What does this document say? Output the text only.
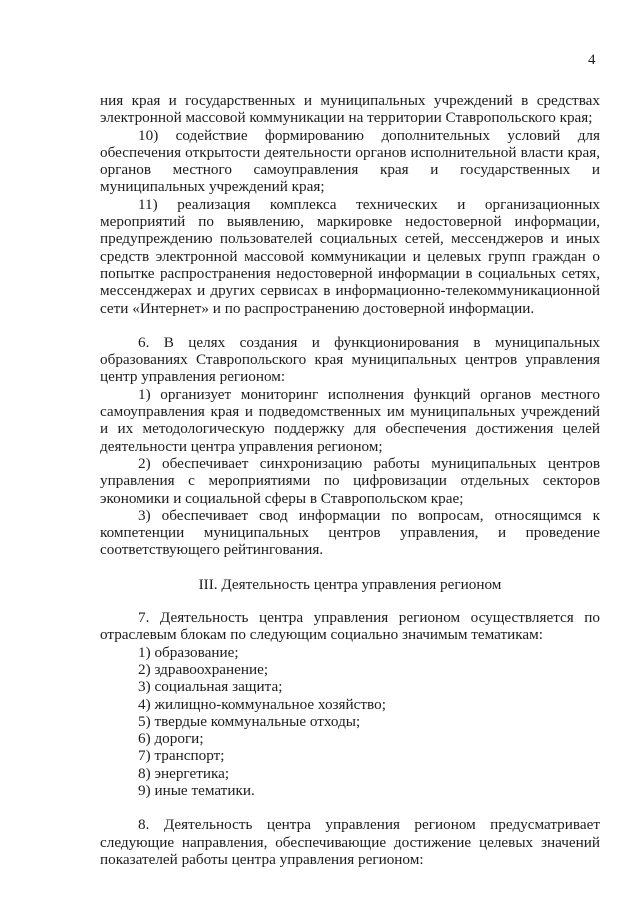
4

ния края и государственных и муниципальных учреждений в средствах электронной массовой коммуникации на территории Ставропольского края;

10) содействие формированию дополнительных условий для обеспечения открытости деятельности органов исполнительной власти края, органов местного самоуправления края и государственных и муниципальных учреждений края;

11) реализация комплекса технических и организационных мероприятий по выявлению, маркировке недостоверной информации, предупреждению пользователей социальных сетей, мессенджеров и иных средств электронной массовой коммуникации и целевых групп граждан о попытке распространения недостоверной информации в социальных сетях, мессенджерах и других сервисах в информационно-телекоммуникационной сети «Интернет» и по распространению достоверной информации.

6. В целях создания и функционирования в муниципальных образованиях Ставропольского края муниципальных центров управления центр управления регионом:

1) организует мониторинг исполнения функций органов местного самоуправления края и подведомственных им муниципальных учреждений и их методологическую поддержку для обеспечения достижения целей деятельности центра управления регионом;

2) обеспечивает синхронизацию работы муниципальных центров управления с мероприятиями по цифровизации отдельных секторов экономики и социальной сферы в Ставропольском крае;

3) обеспечивает свод информации по вопросам, относящимся к компетенции муниципальных центров управления, и проведение соответствующего рейтингования.

III. Деятельность центра управления регионом

7. Деятельность центра управления регионом осуществляется по отраслевым блокам по следующим социально значимым тематикам:

1) образование;

2) здравоохранение;

3) социальная защита;

4) жилищно-коммунальное хозяйство;

5) твердые коммунальные отходы;

6) дороги;

7) транспорт;

8) энергетика;

9) иные тематики.

8. Деятельность центра управления регионом предусматривает следующие направления, обеспечивающие достижение целевых значений показателей работы центра управления регионом:
